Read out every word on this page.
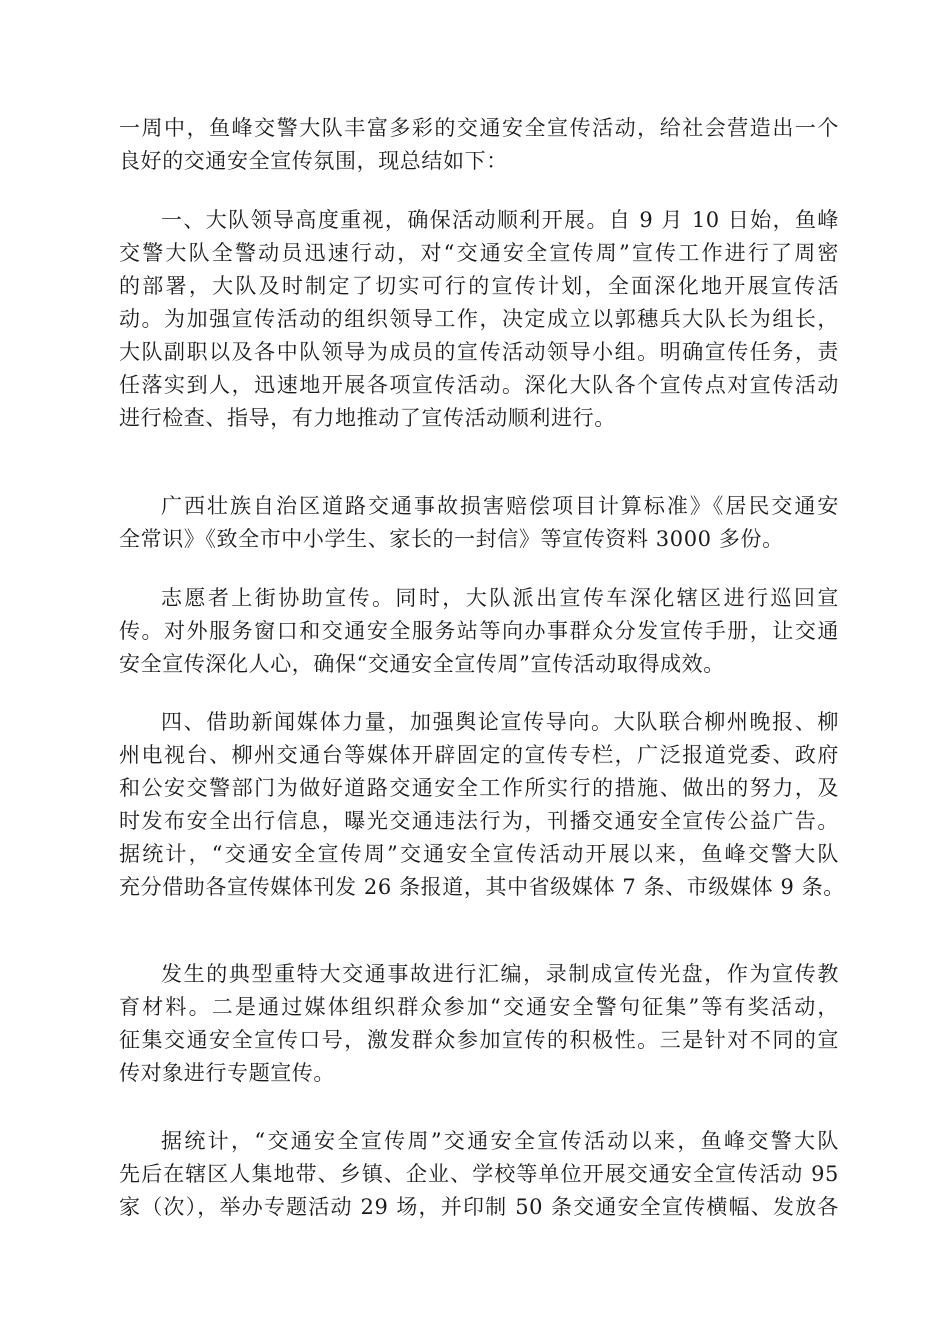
一周中，鱼峰交警大队丰富多彩的交通安全宣传活动，给社会营造出一个
良好的交通安全宣传氛围，现总结如下：
一、大队领导高度重视，确保活动顺利开展。自 9 月 10 日始，鱼峰
交警大队全警动员迅速行动，对“交通安全宣传周”宣传工作进行了周密
的部署，大队及时制定了切实可行的宣传计划，全面深化地开展宣传活
动。为加强宣传活动的组织领导工作，决定成立以郭穗兵大队长为组长，
大队副职以及各中队领导为成员的宣传活动领导小组。明确宣传任务，责
任落实到人，迅速地开展各项宣传活动。深化大队各个宣传点对宣传活动
进行检查、指导，有力地推动了宣传活动顺利进行。
广西壮族自治区道路交通事故损害赔偿项目计算标准》《居民交通安
全常识》《致全市中小学生、家长的一封信》等宣传资料 3000 多份。
志愿者上街协助宣传。同时，大队派出宣传车深化辖区进行巡回宣
传。对外服务窗口和交通安全服务站等向办事群众分发宣传手册，让交通
安全宣传深化人心，确保“交通安全宣传周”宣传活动取得成效。
四、借助新闻媒体力量，加强舆论宣传导向。大队联合柳州晚报、柳
州电视台、柳州交通台等媒体开辟固定的宣传专栏，广泛报道党委、政府
和公安交警部门为做好道路交通安全工作所实行的措施、做出的努力，及
时发布安全出行信息，曝光交通违法行为，刊播交通安全宣传公益广告。
据统计，“交通安全宣传周”交通安全宣传活动开展以来，鱼峰交警大队
充分借助各宣传媒体刊发 26 条报道，其中省级媒体 7 条、市级媒体 9 条。
发生的典型重特大交通事故进行汇编，录制成宣传光盘，作为宣传教
育材料。二是通过媒体组织群众参加“交通安全警句征集”等有奖活动，
征集交通安全宣传口号，激发群众参加宣传的积极性。三是针对不同的宣
传对象进行专题宣传。
据统计，“交通安全宣传周”交通安全宣传活动以来，鱼峰交警大队
先后在辖区人集地带、乡镇、企业、学校等单位开展交通安全宣传活动 95
家（次），举办专题活动 29 场，并印制 50 条交通安全宣传横幅、发放各
